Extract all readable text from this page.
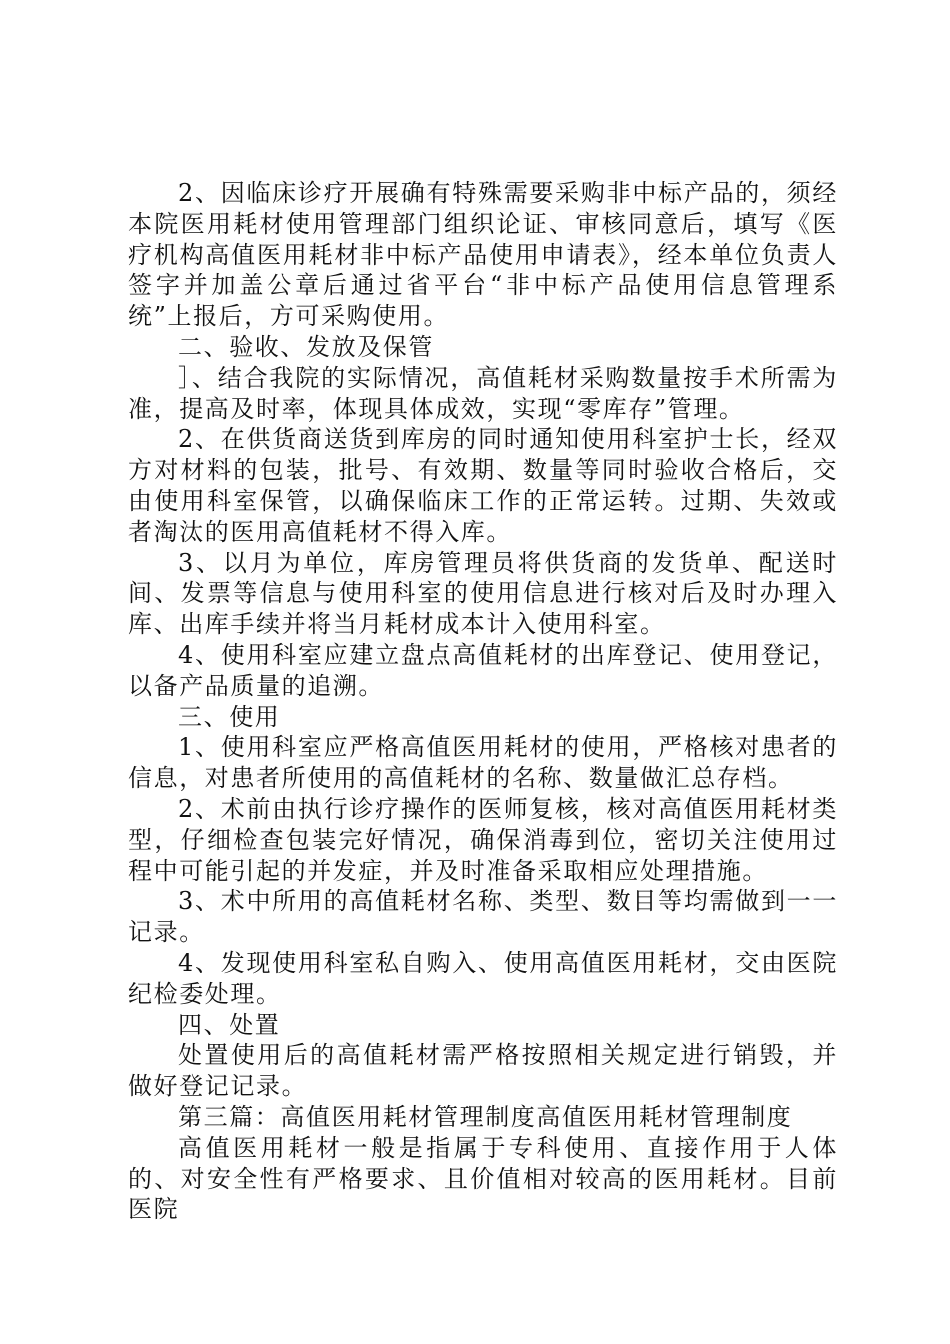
2、因临床诊疗开展确有特殊需要采购非中标产品的，须经本院医用耗材使用管理部门组织论证、审核同意后，填写《医疗机构高值医用耗材非中标产品使用申请表》，经本单位负责人签字并加盖公章后通过省平台“非中标产品使用信息管理系统”上报后，方可采购使用。

二、验收、发放及保管

］、结合我院的实际情况，高值耗材采购数量按手术所需为准，提高及时率，体现具体成效，实现“零库存”管理。

2、在供货商送货到库房的同时通知使用科室护士长，经双方对材料的包装，批号、有效期、数量等同时验收合格后，交由使用科室保管，以确保临床工作的正常运转。过期、失效或者淘汰的医用高值耗材不得入库。

3、以月为单位，库房管理员将供货商的发货单、配送时间、发票等信息与使用科室的使用信息进行核对后及时办理入库、出库手续并将当月耗材成本计入使用科室。

4、使用科室应建立盘点高值耗材的出库登记、使用登记，以备产品质量的追溯。

三、使用

1、使用科室应严格高值医用耗材的使用，严格核对患者的信息，对患者所使用的高值耗材的名称、数量做汇总存档。

2、术前由执行诊疗操作的医师复核，核对高值医用耗材类型，仔细检查包装完好情况，确保消毒到位，密切关注使用过程中可能引起的并发症，并及时准备采取相应处理措施。

3、术中所用的高值耗材名称、类型、数目等均需做到一一记录。

4、发现使用科室私自购入、使用高值医用耗材，交由医院纪检委处理。

四、处置

处置使用后的高值耗材需严格按照相关规定进行销毁，并做好登记记录。

第三篇：高值医用耗材管理制度高值医用耗材管理制度

高值医用耗材一般是指属于专科使用、直接作用于人体的、对安全性有严格要求、且价值相对较高的医用耗材。目前医院
